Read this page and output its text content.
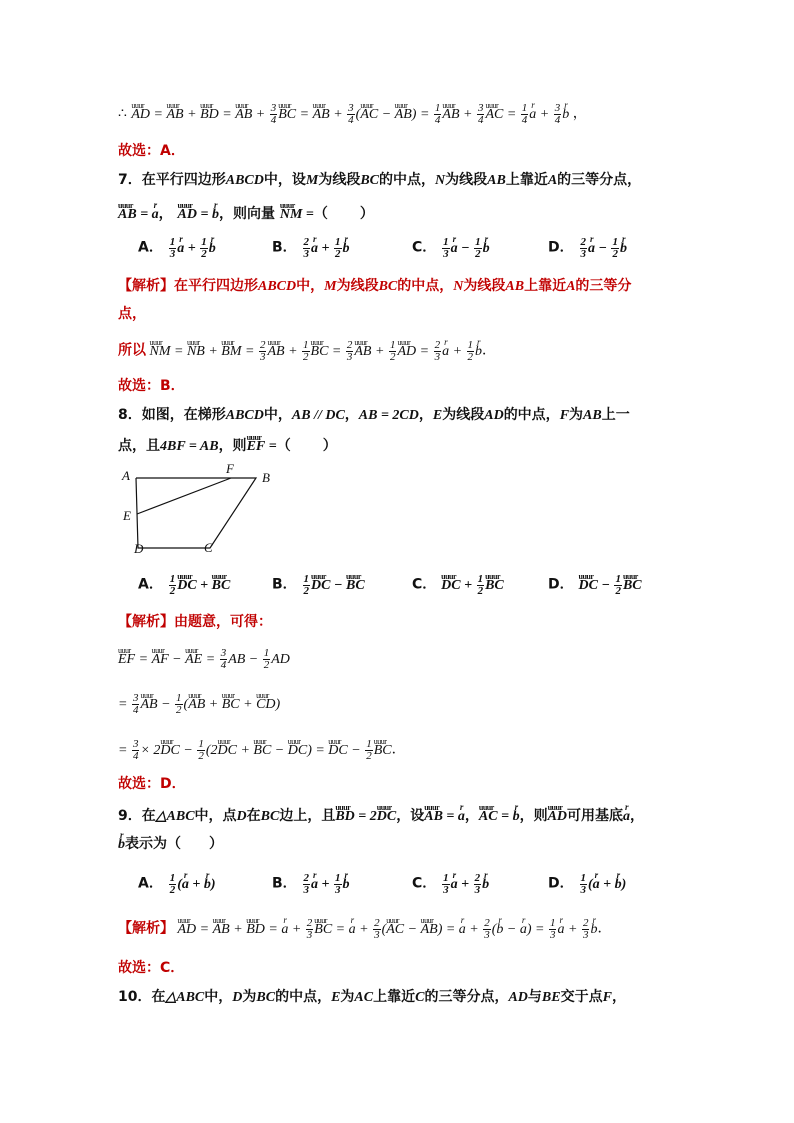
∴ uuur AD = uuur AB + uuur BD = uuur AB + $\frac{3}{4}$ uuur BC = uuur AB + $\frac{3}{4}$ (uuur AC − uuur $AB) = \frac{1}{4}$ uuur AB + $\frac{3}{4}$ uuur AC = $\frac{1}{4}$ r $a + \frac{3}{4}$ r b ，
故选：A．
7．在平行四边形ABCD中，设M为线段BC的中点，N为线段AB上靠近A的三等分点，
uuur AB = r a， uuur AD = r b，则向量 uuur NM =（ ）
A． $\frac{1}{3}$ r $a + \frac{1}{2}$ r b	B． $\frac{2}{3}$ r $a + \frac{1}{2}$ r b	C． $\frac{1}{3}$ r $a - \frac{1}{2}$ r b	D． $\frac{2}{3}$ r $a - \frac{1}{2}$ r b
【解析】在平行四边形ABCD中，M为线段BC的中点，N为线段AB上靠近A的三等分
点，
所以 uuur NM = uuur NB + uuur BM = $\frac{2}{3}$ uuur AB + $\frac{1}{2}$ uuur BC = $\frac{2}{3}$ uuur AB + $\frac{1}{2}$ uuur AD = $\frac{2}{3}$ r $a + \frac{1}{2}$ r b．
故选：B．
8．如图，在梯形ABCD中，AB // DC，AB = 2CD，E为线段AD的中点，F为AB上一
点，且4BF = AB，则uuur EF =（ ）
A	B
C
D
E
F
A． $\frac{1}{2}$ uuur DC + uuur BC	B． $\frac{1}{2}$ uuur DC − uuur BC	C． uuur DC + $\frac{1}{2}$ uuur BC	D． uuur DC − $\frac{1}{2}$ uuur BC
【解析】由题意，可得：
uuur EF = uuur AF − uuur AE = $\frac{3}{4}$ AB − $\frac{1}{2}$ AD
= $\frac{3}{4}$ uuur AB − $\frac{1}{2}$ (uuur AB + uuur BC + uuur CD)
= $\frac{3}{4}$ × 2uuur DC − $\frac{1}{2}$ (2uuur DC + uuur BC − uuur DC) = uuur DC − $\frac{1}{2}$ uuur BC．
故选：D．
9．在△ABC中，点D在BC边上，且uuur BD = 2uuur DC，设uuur AB = r a，uuur AC = r b，则uuur AD可用基底r a，
r b表示为（　　）
A． $\frac{1}{2} (r$ a + r b)	B． $\frac{2}{3}$ r $a + \frac{1}{3}$ r b	C． $\frac{1}{3}$ r $a + \frac{2}{3}$ r b	D． $\frac{1}{3} (r$ a + r b)
【解析】 uuur AD = uuur AB + uuur BD = r $a + \frac{2}{3}$ uuur BC = r $a + \frac{2}{3}$ (uuur AC − uuur AB) = r $a + \frac{2}{3} (r$ b − r $a) = \frac{1}{3}$ r $a + \frac{2}{3}$ r b．
故选：C．
10．在△ABC中，D为BC的中点，E为AC上靠近C的三等分点，AD与BE交于点F，
